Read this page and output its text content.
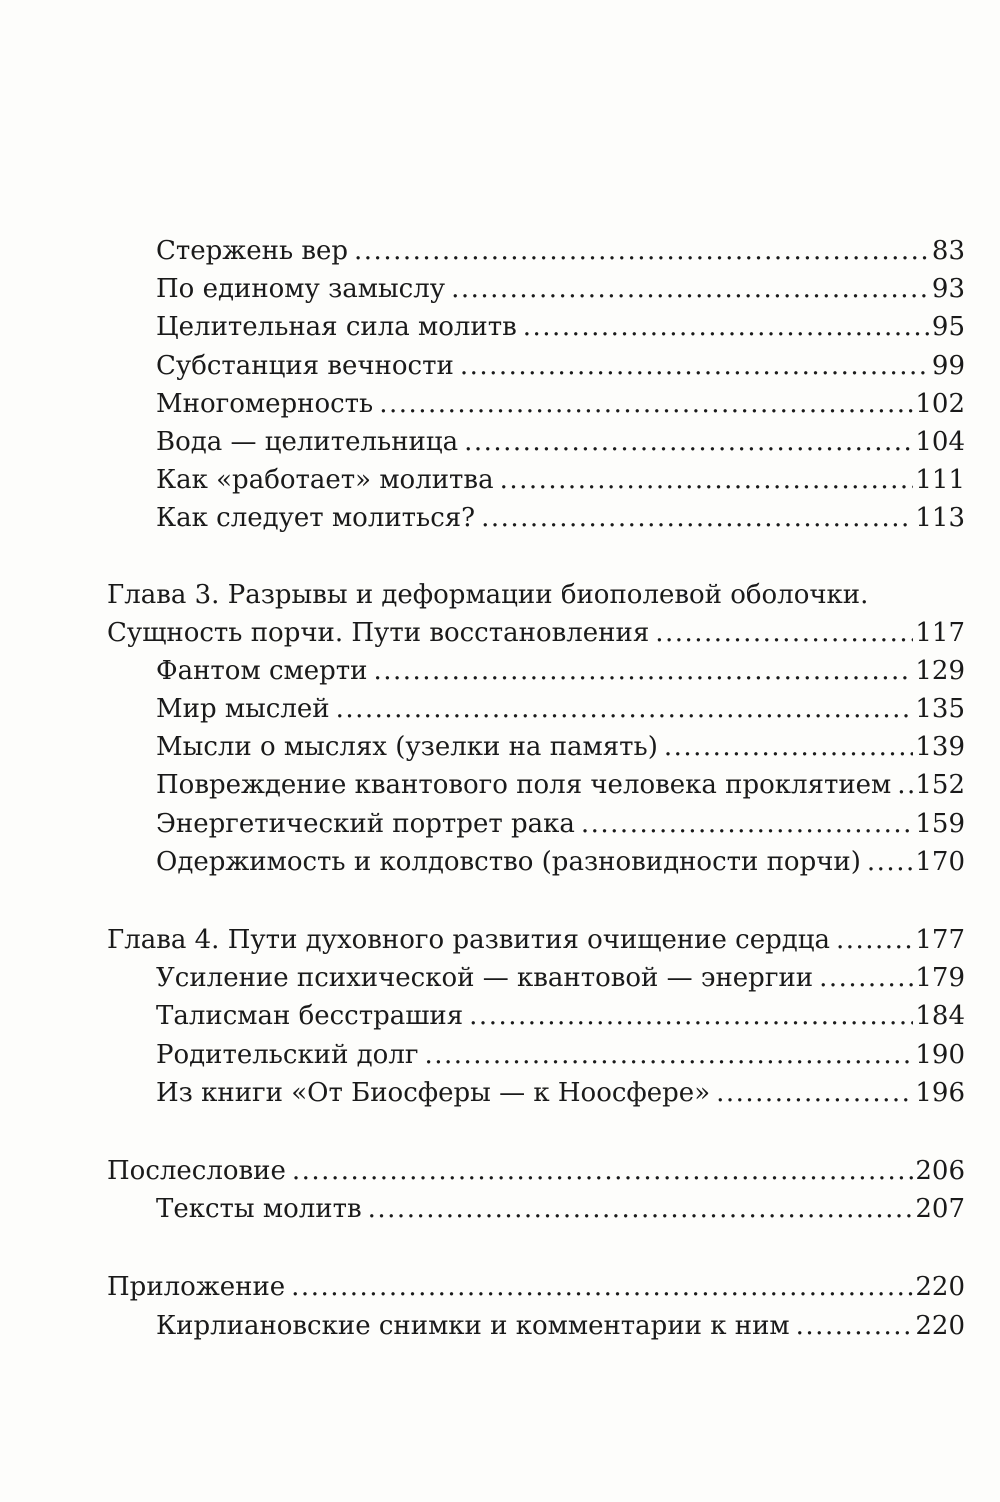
Стержень вер .....	83
По единому замыслу .....	93
Целительная сила молитв .....	95
Субстанция вечности .....	99
Многомерность .....	102
Вода — целительница .....	104
Как «работает» молитва .....	111
Как следует молиться? .....	113
Глава 3. Разрывы и деформации биополевой оболочки.
Сущность порчи. Пути восстановления .....	117
Фантом смерти .....	129
Мир мыслей .....	135
Мысли о мыслях (узелки на память) .....	139
Повреждение квантового поля человека проклятием ..... 152
Энергетический портрет рака .....	159
Одержимость и колдовство (разновидности порчи) ..... 170
Глава 4. Пути духовного развития очищение сердца .....	177
Усиление психической — квантовой — энергии .....	179
Талисман бесстрашия .....	184
Родительский долг .....	190
Из книги «От Биосферы — к Ноосфере» .....	196
Послесловие .....	206
Тексты молитв .....	207
Приложение .....	220
Кирлиановские снимки и комментарии к ним .....	220
